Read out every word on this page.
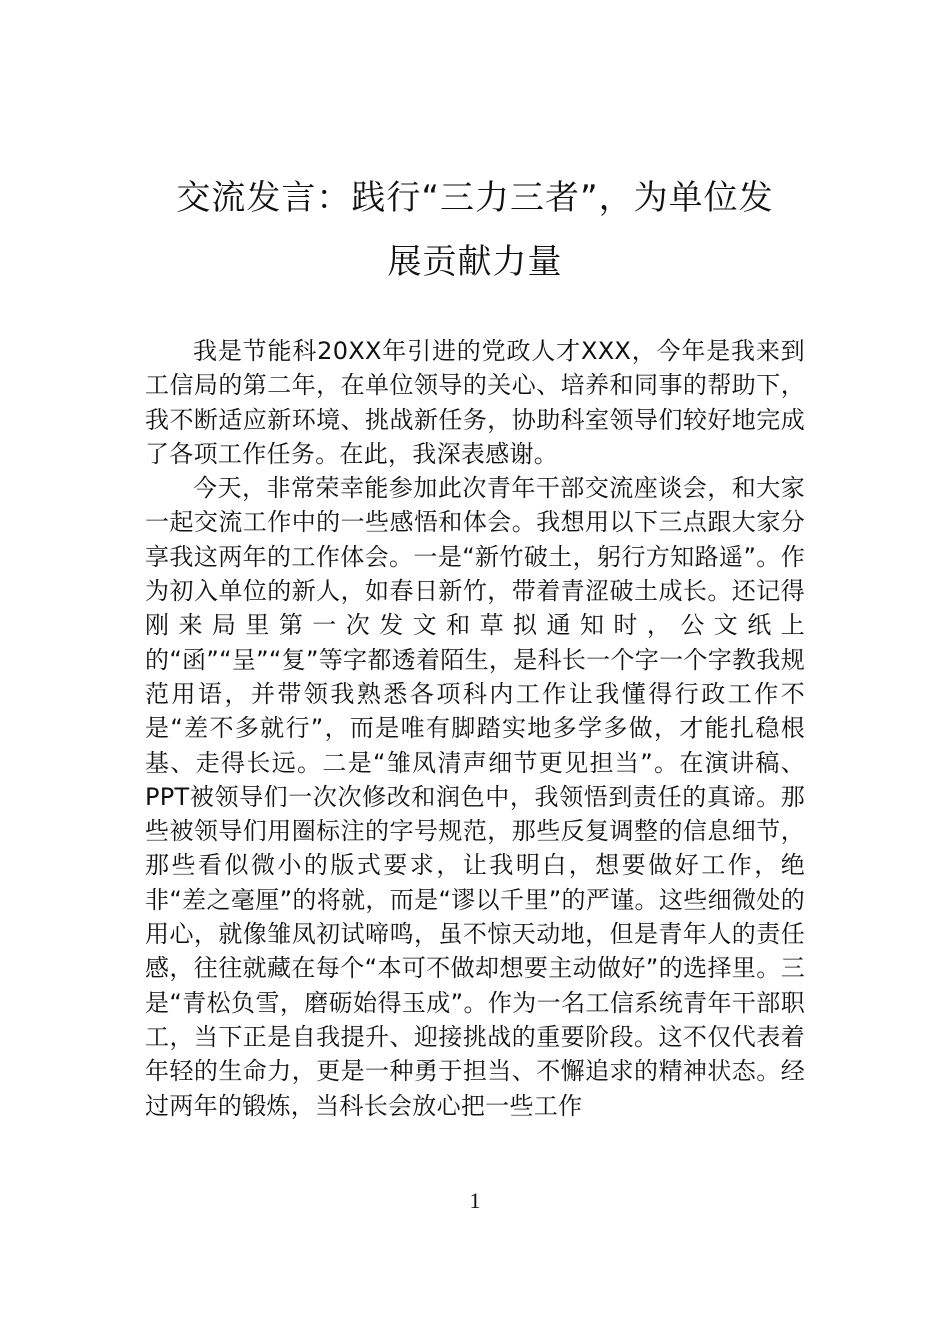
交流发言：践行“三力三者”，为单位发
展贡献力量

我是节能科20XX年引进的党政人才XXX，今年是我来到工信局的第二年，在单位领导的关心、培养和同事的帮助下，我不断适应新环境、挑战新任务，协助科室领导们较好地完成了各项工作任务。在此，我深表感谢。

今天，非常荣幸能参加此次青年干部交流座谈会，和大家一起交流工作中的一些感悟和体会。我想用以下三点跟大家分享我这两年的工作体会。一是“新竹破土，躬行方知路遥”。作为初入单位的新人，如春日新竹，带着青涩破土成长。还记得刚来局里第一次发文和草拟通知时，公文纸上的“函”“呈”“复”等字都透着陌生，是科长一个字一个字教我规范用语，并带领我熟悉各项科内工作让我懂得行政工作不是“差不多就行”，而是唯有脚踏实地多学多做，才能扎稳根基、走得长远。二是“雏凤清声细节更见担当”。在演讲稿、PPT被领导们一次次修改和润色中，我领悟到责任的真谛。那些被领导们用圈标注的字号规范，那些反复调整的信息细节，那些看似微小的版式要求，让我明白，想要做好工作，绝非“差之毫厘”的将就，而是“谬以千里”的严谨。这些细微处的用心，就像雏凤初试啼鸣，虽不惊天动地，但是青年人的责任感，往往就藏在每个“本可不做却想要主动做好”的选择里。三是“青松负雪，磨砺始得玉成”。作为一名工信系统青年干部职工，当下正是自我提升、迎接挑战的重要阶段。这不仅代表着年轻的生命力，更是一种勇于担当、不懈追求的精神状态。经过两年的锻炼，当科长会放心把一些工作

1
